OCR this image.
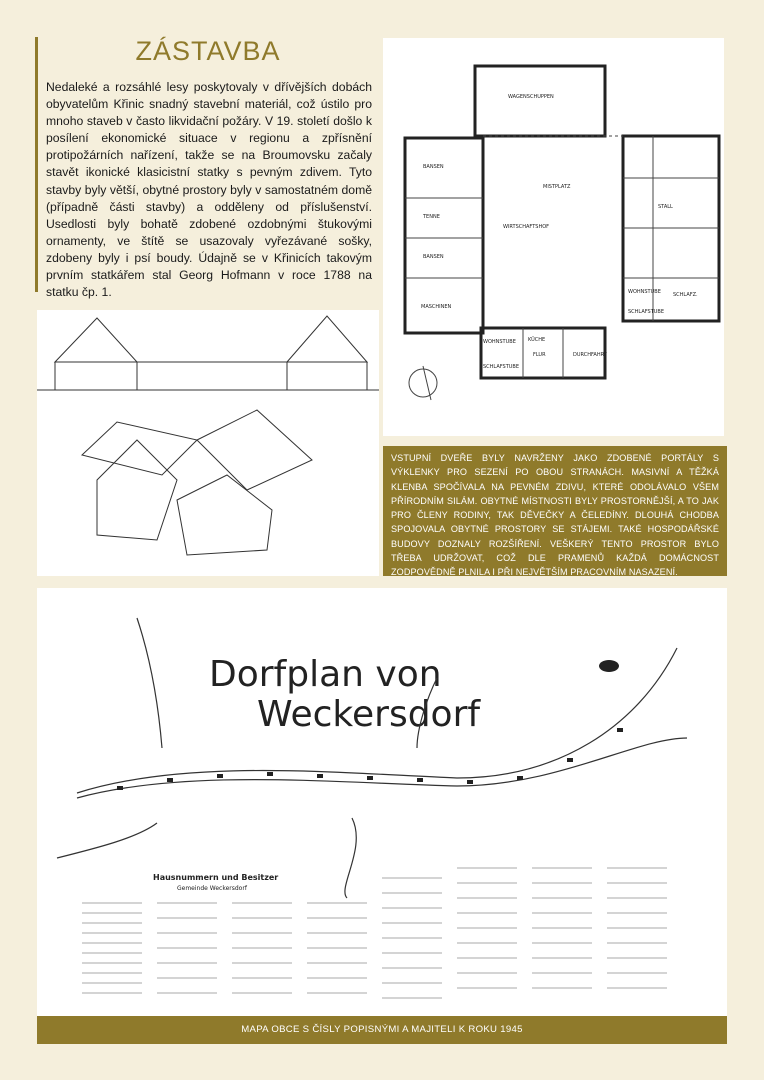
ZÁSTAVBA
Nedaleké a rozsáhlé lesy poskytovaly v dřívějších dobách obyvatelům Křinic snadný stavební materiál, což ústilo pro mnoho staveb v často likvidační požáry. V 19. století došlo k posílení ekonomické situace v regionu a zpřísnění protipožárních nařízení, takže se na Broumovsku začaly stavět ikonické klasicistní statky s pevným zdivem. Tyto stavby byly větší, obytné prostory byly v samostatném domě (případně části stavby) a odděleny od příslušenství. Usedlosti byly bohatě zdobené ozdobnými štukovými ornamenty, ve štítě se usazovaly vyřezávané sošky, zdobeny byly i psí boudy. Údajně se v Křinicích takovým prvním statkářem stal Georg Hofmann v roce 1788 na statku čp. 1.
WAGENSCHUPPEN
BANSEN
TENNE
BANSEN
MASCHINEN
MISTPLATZ
WIRTSCHAFTSHOF
STALL
WOHNSTUBE
SCHLAFSTUBE
DURCHFAHRT
KÜCHE
FLUR
SCHLAFZ.
WOHNSTUBE
SCHLAFSTUBE
VSTUPNÍ DVEŘE BYLY NAVRŽENY JAKO ZDOBENÉ PORTÁLY S VÝKLENKY PRO SEZENÍ PO OBOU STRANÁCH. MASIVNÍ A TĚŽKÁ KLENBA SPOČÍVALA NA PEVNÉM ZDIVU, KTERÉ ODOLÁVALO VŠEM PŘÍRODNÍM SILÁM. OBYTNÉ MÍSTNOSTI BYLY PROSTORNĚJŠÍ, A TO JAK PRO ČLENY RODINY, TAK DĚVEČKY A ČELEDÍNY. DLOUHÁ CHODBA SPOJOVALA OBYTNÉ PROSTORY SE STÁJEMI. TAKÉ HOSPODÁŘSKÉ BUDOVY DOZNALY ROZŠÍŘENÍ. VEŠKERÝ TENTO PROSTOR BYLO TŘEBA UDRŽOVAT, COŽ DLE PRAMENŮ KAŽDÁ DOMÁCNOST ZODPOVĚDNĚ PLNILA I PŘI NEJVĚTŠÍM PRACOVNÍM NASAZENÍ.
Dorfplan von
Weckersdorf
Hausnummern und Besitzer
Gemeinde Weckersdorf
MAPA OBCE S ČÍSLY POPISNÝMI A MAJITELI K ROKU 1945
